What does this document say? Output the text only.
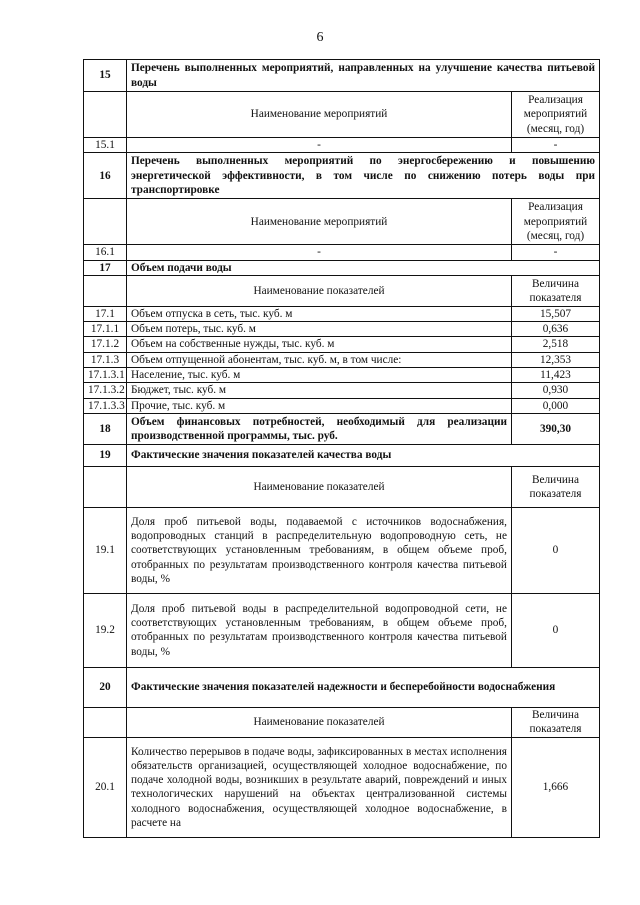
6
15	Перечень выполненных мероприятий, направленных на улучшение качества питьевой воды	
	Наименование мероприятий	Реализация мероприятий (месяц, год)
15.1	-	-
16	Перечень выполненных мероприятий по энергосбережению и повышению энергетической эффективности, в том числе по снижению потерь воды при транспортировке	
	Наименование мероприятий	Реализация мероприятий (месяц, год)
16.1	-	-
17	Объем подачи воды	
	Наименование показателей	Величина показателя
17.1	Объем отпуска в сеть, тыс. куб. м	15,507
17.1.1	Объем потерь, тыс. куб. м	0,636
17.1.2	Объем на собственные нужды, тыс. куб. м	2,518
17.1.3	Объем отпущенной абонентам, тыс. куб. м, в том числе:	12,353
17.1.3.1	Население, тыс. куб. м	11,423
17.1.3.2	Бюджет, тыс. куб. м	0,930
17.1.3.3	Прочие, тыс. куб. м	0,000
18	Объем финансовых потребностей, необходимый для реализации производственной программы, тыс. руб.	390,30
19	Фактические значения показателей качества воды	
	Наименование показателей	Величина показателя
19.1	Доля проб питьевой воды, подаваемой с источников водоснабжения, водопроводных станций в распределительную водопроводную сеть, не соответствующих установленным требованиям, в общем объеме проб, отобранных по результатам производственного контроля качества питьевой воды, %	0
19.2	Доля проб питьевой воды в распределительной водопроводной сети, не соответствующих установленным требованиям, в общем объеме проб, отобранных по результатам производственного контроля качества питьевой воды, %	0
20	Фактические значения показателей надежности и бесперебойности водоснабжения	
	Наименование показателей	Величина показателя
20.1	Количество перерывов в подаче воды, зафиксированных в местах исполнения обязательств организацией, осуществляющей холодное водоснабжение, по подаче холодной воды, возникших в результате аварий, повреждений и иных технологических нарушений на объектах централизованной системы холодного водоснабжения, осуществляющей холодное водоснабжение, в расчете на	1,666
